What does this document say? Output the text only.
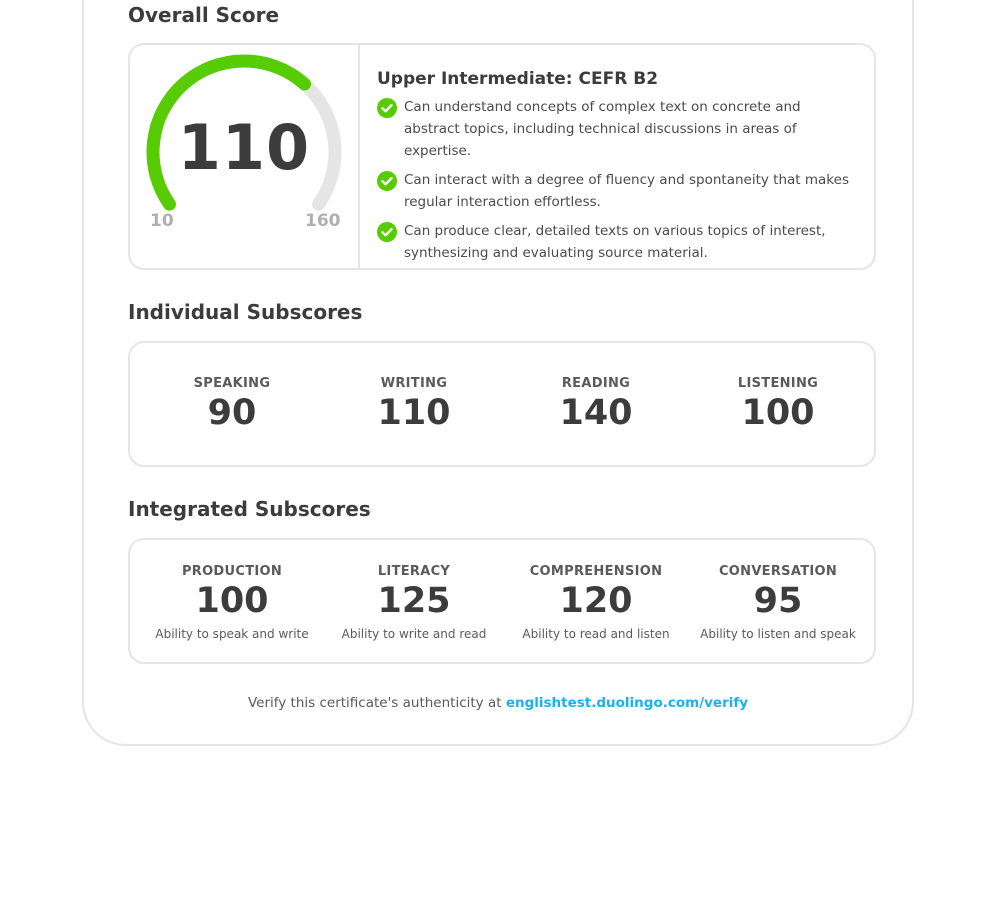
Overall Score
110
10	160
Upper Intermediate: CEFR B2
Can understand concepts of complex text on concrete and abstract topics, including technical discussions in areas of expertise.
Can interact with a degree of fluency and spontaneity that makes regular interaction effortless.
Can produce clear, detailed texts on various topics of interest, synthesizing and evaluating source material.
Individual Subscores
SPEAKING
90
WRITING
110
READING
140
LISTENING
100
Integrated Subscores
PRODUCTION
100
Ability to speak and write
LITERACY
125
Ability to write and read
COMPREHENSION
120
Ability to read and listen
CONVERSATION
95
Ability to listen and speak
Verify this certificate's authenticity at englishtest.duolingo.com/verify
